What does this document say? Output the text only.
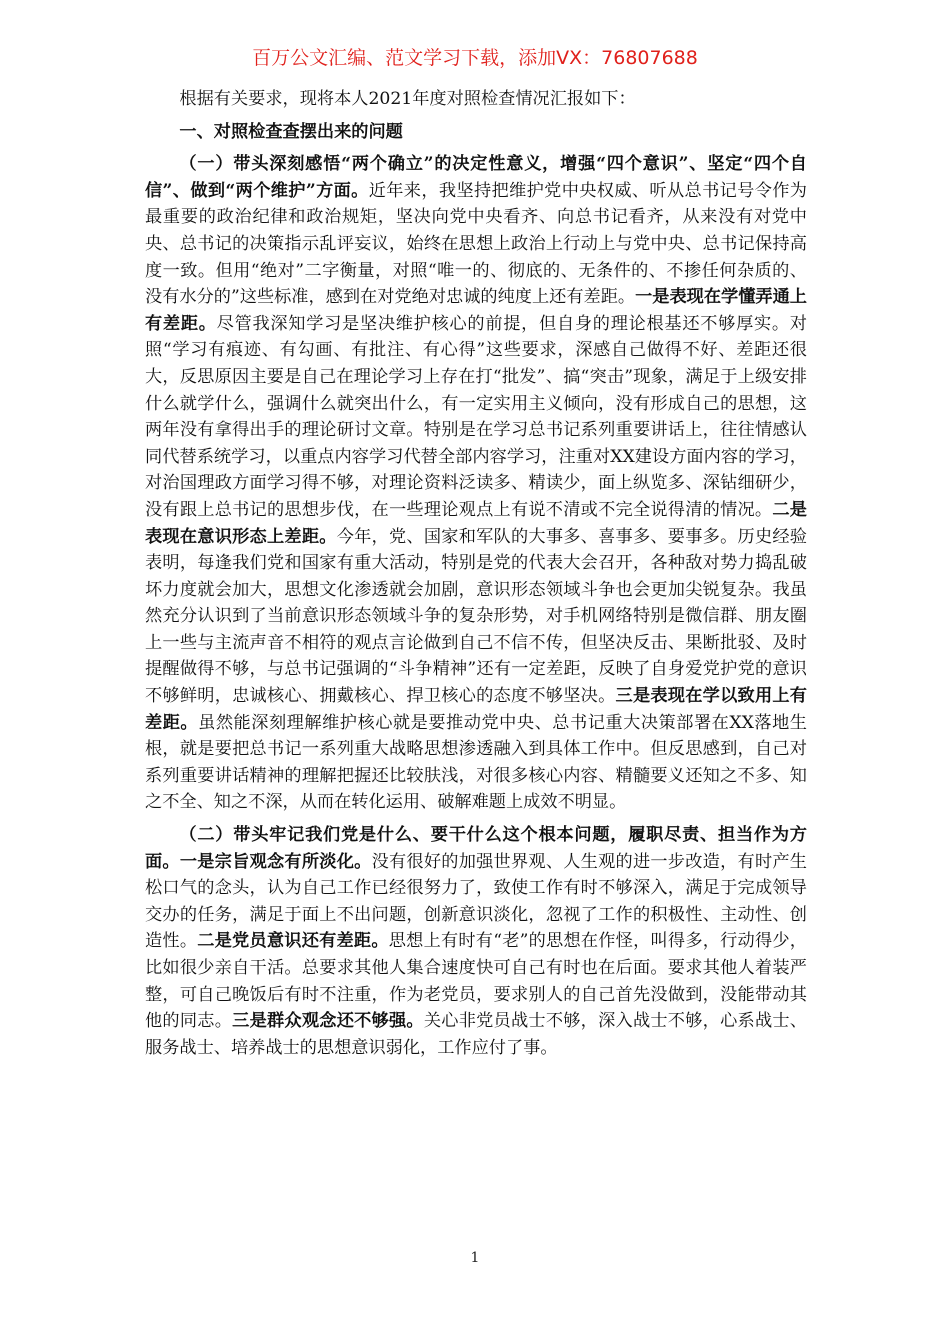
百万公文汇编、范文学习下载，添加VX：76807688

根据有关要求，现将本人2021年度对照检查情况汇报如下：

一、对照检查查摆出来的问题

（一）带头深刻感悟“两个确立”的决定性意义，增强“四个意识”、坚定“四个自信”、做到“两个维护”方面。近年来，我坚持把维护党中央权威、听从总书记号令作为最重要的政治纪律和政治规矩，坚决向党中央看齐、向总书记看齐，从来没有对党中央、总书记的决策指示乱评妄议，始终在思想上政治上行动上与党中央、总书记保持高度一致。但用“绝对”二字衡量，对照“唯一的、彻底的、无条件的、不掺任何杂质的、没有水分的”这些标准，感到在对党绝对忠诚的纯度上还有差距。一是表现在学懂弄通上有差距。尽管我深知学习是坚决维护核心的前提，但自身的理论根基还不够厚实。对照“学习有痕迹、有勾画、有批注、有心得”这些要求，深感自己做得不好、差距还很大，反思原因主要是自己在理论学习上存在打“批发”、搞“突击”现象，满足于上级安排什么就学什么，强调什么就突出什么，有一定实用主义倾向，没有形成自己的思想，这两年没有拿得出手的理论研讨文章。特别是在学习总书记系列重要讲话上，往往情感认同代替系统学习，以重点内容学习代替全部内容学习，注重对XX建设方面内容的学习，对治国理政方面学习得不够，对理论资料泛读多、精读少，面上纵览多、深钻细研少，没有跟上总书记的思想步伐，在一些理论观点上有说不清或不完全说得清的情况。二是表现在意识形态上差距。今年，党、国家和军队的大事多、喜事多、要事多。历史经验表明，每逢我们党和国家有重大活动，特别是党的代表大会召开，各种敌对势力捣乱破坏力度就会加大，思想文化渗透就会加剧，意识形态领域斗争也会更加尖锐复杂。我虽然充分认识到了当前意识形态领域斗争的复杂形势，对手机网络特别是微信群、朋友圈上一些与主流声音不相符的观点言论做到自己不信不传，但坚决反击、果断批驳、及时提醒做得不够，与总书记强调的“斗争精神”还有一定差距，反映了自身爱党护党的意识不够鲜明，忠诚核心、拥戴核心、捍卫核心的态度不够坚决。三是表现在学以致用上有差距。虽然能深刻理解维护核心就是要推动党中央、总书记重大决策部署在XX落地生根，就是要把总书记一系列重大战略思想渗透融入到具体工作中。但反思感到，自己对系列重要讲话精神的理解把握还比较肤浅，对很多核心内容、精髓要义还知之不多、知之不全、知之不深，从而在转化运用、破解难题上成效不明显。

（二）带头牢记我们党是什么、要干什么这个根本问题，履职尽责、担当作为方面。一是宗旨观念有所淡化。没有很好的加强世界观、人生观的进一步改造，有时产生松口气的念头，认为自己工作已经很努力了，致使工作有时不够深入，满足于完成领导交办的任务，满足于面上不出问题，创新意识淡化，忽视了工作的积极性、主动性、创造性。二是党员意识还有差距。思想上有时有“老”的思想在作怪，叫得多，行动得少，比如很少亲自干活。总要求其他人集合速度快可自己有时也在后面。要求其他人着装严整，可自己晚饭后有时不注重，作为老党员，要求别人的自己首先没做到，没能带动其他的同志。三是群众观念还不够强。关心非党员战士不够，深入战士不够，心系战士、服务战士、培养战士的思想意识弱化，工作应付了事。

1
